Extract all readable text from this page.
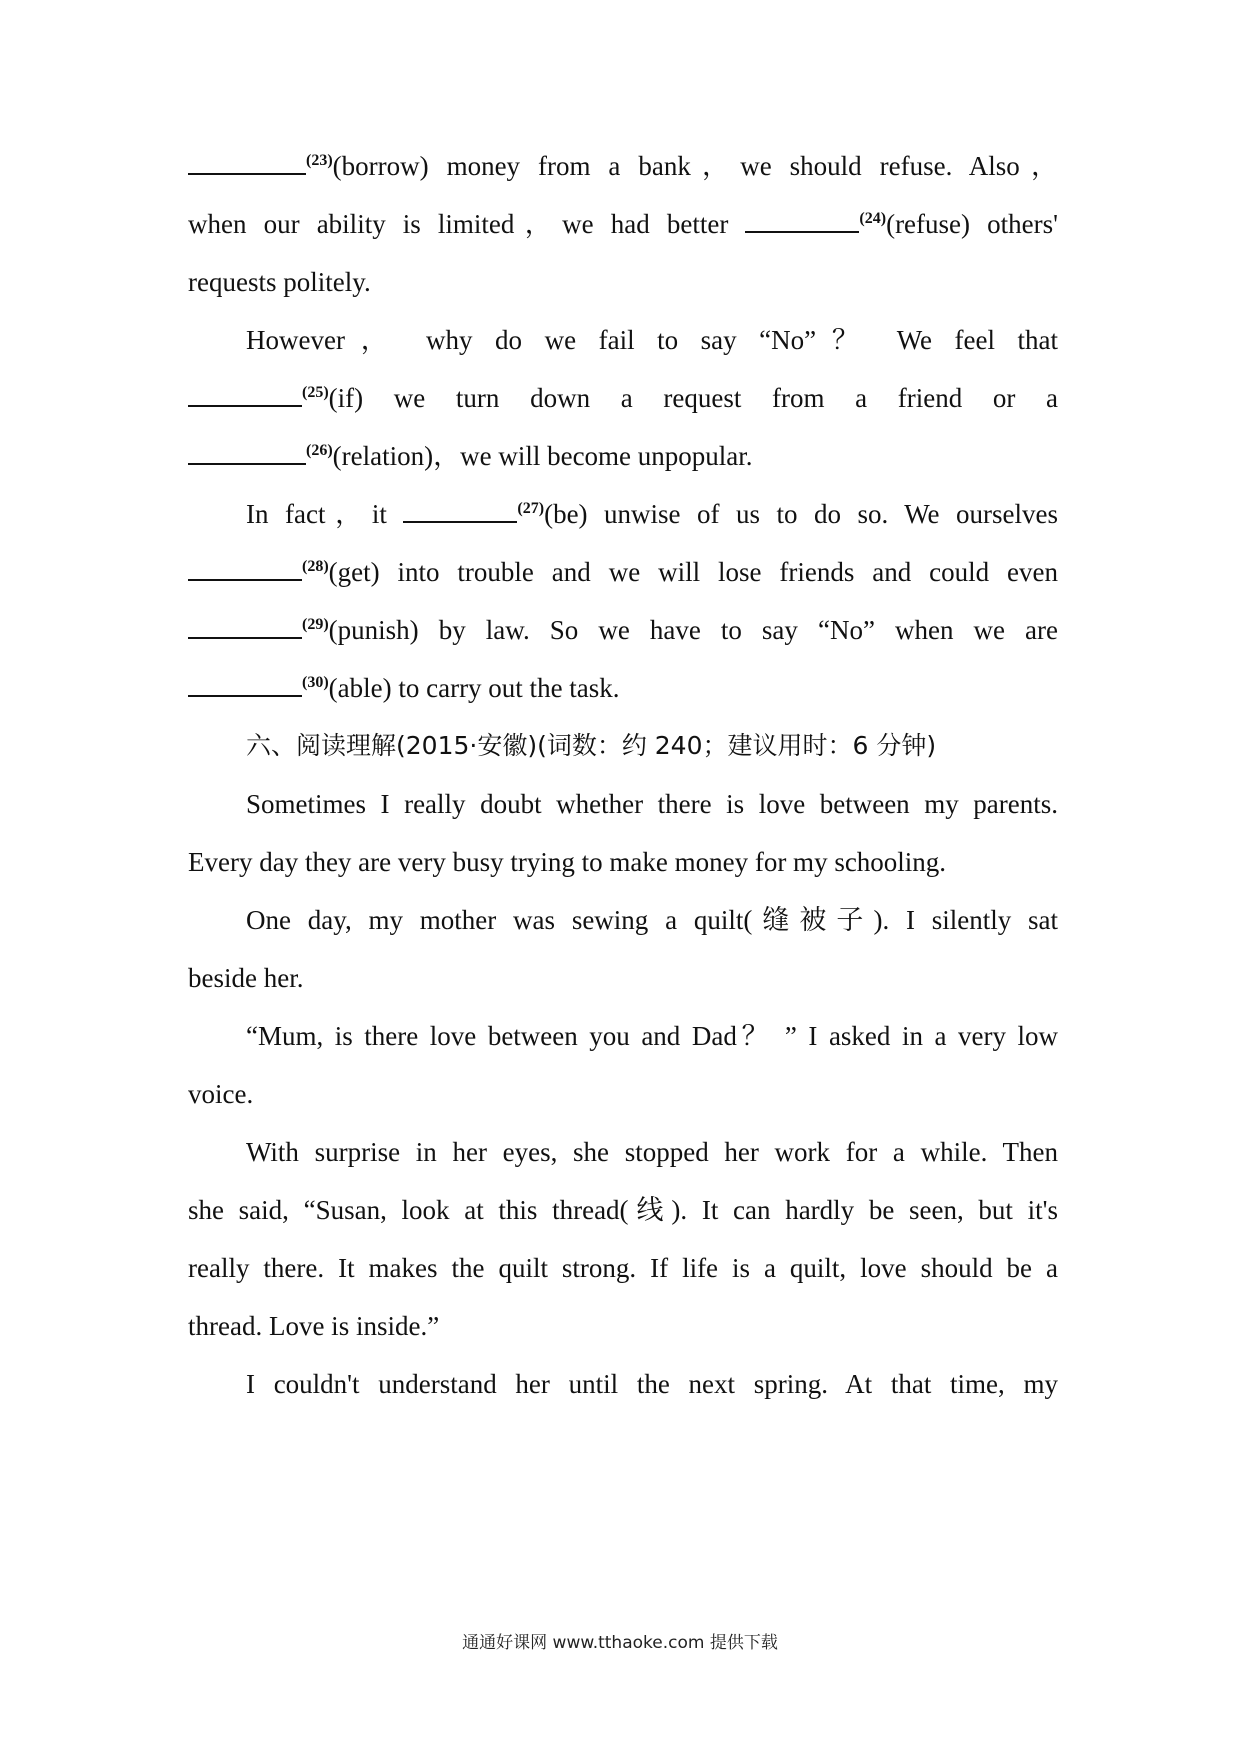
$^{(23)}$(borrow) money from a bank，we should refuse. Also，
when our ability is limited，we had better	$^{(24)}$(refuse) others'
requests politely.
However， why do we fail to say “No”？ We feel that
$^{(25)}$(if) we turn down a request from a friend or a
$^{(26)}$(relation)，we will become unpopular.
In fact，it	$^{(27)}$(be) unwise of us to do so. We ourselves
$^{(28)}$(get) into trouble and we will lose friends and could even
$^{(29)}$(punish) by law. So we have to say “No” when we are
$^{(30)}$(able) to carry out the task.
六、阅读理解(2015·安徽)(词数：约 240；建议用时：6 分钟)
Sometimes I really doubt whether there is love between my parents.
Every day they are very busy trying to make money for my schooling.
One day, my mother was sewing a quilt(缝被子). I silently sat
beside her.
“Mum, is there love between you and Dad？ ” I asked in a very low
voice.
With surprise in her eyes, she stopped her work for a while. Then
she said, “Susan, look at this thread(线). It can hardly be seen, but it's
really there. It makes the quilt strong. If life is a quilt, love should be a
thread. Love is inside.”
I couldn't understand her until the next spring. At that time, my
通通好课网 www.tthaoke.com 提供下载
